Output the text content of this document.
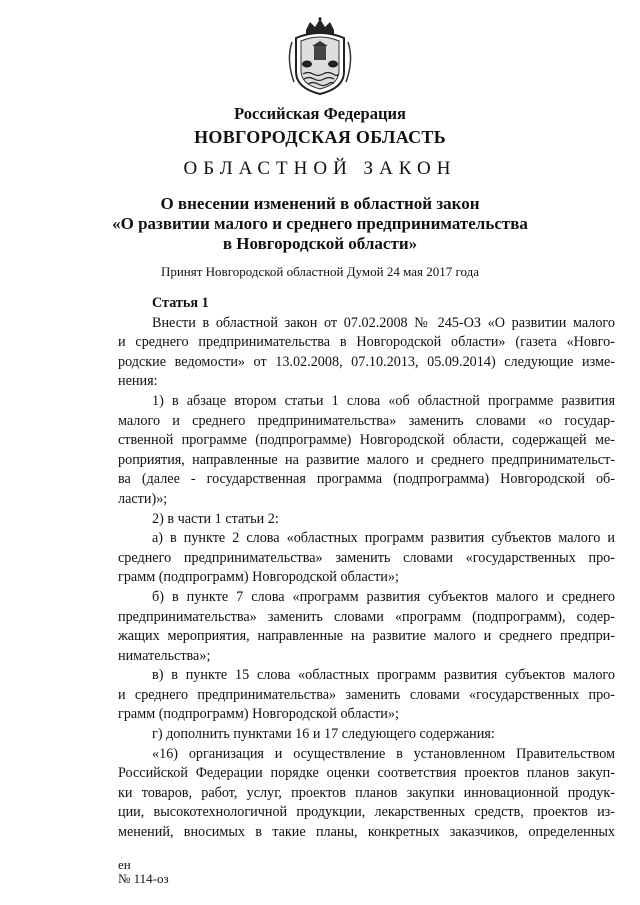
Российская Федерация
НОВГОРОДСКАЯ ОБЛАСТЬ
ОБЛАСТНОЙ ЗАКОН
О внесении изменений в областной закон
«О развитии малого и среднего предпринимательства
в Новгородской области»
Принят Новгородской областной Думой 24 мая 2017 года
Статья 1
Внести в областной закон от 07.02.2008 № 245-ОЗ «О развитии малого
и среднего предпринимательства в Новгородской области» (газета «Новго-
родские ведомости» от 13.02.2008, 07.10.2013, 05.09.2014) следующие изме-
нения:
1) в абзаце втором статьи 1 слова «об областной программе развития
малого и среднего предпринимательства» заменить словами «о государ-
ственной программе (подпрограмме) Новгородской области, содержащей ме-
роприятия, направленные на развитие малого и среднего предпринимательст-
ва (далее - государственная программа (подпрограмма) Новгородской об-
ласти)»;
2) в части 1 статьи 2:
а) в пункте 2 слова «областных программ развития субъектов малого и
среднего предпринимательства» заменить словами «государственных про-
грамм (подпрограмм) Новгородской области»;
б) в пункте 7 слова «программ развития субъектов малого и среднего
предпринимательства» заменить словами «программ (подпрограмм), содер-
жащих мероприятия, направленные на развитие малого и среднего предпри-
нимательства»;
в) в пункте 15 слова «областных программ развития субъектов малого
и среднего предпринимательства» заменить словами «государственных про-
грамм (подпрограмм) Новгородской области»;
г) дополнить пунктами 16 и 17 следующего содержания:
«16) организация и осуществление в установленном Правительством
Российской Федерации порядке оценки соответствия проектов планов закуп-
ки товаров, работ, услуг, проектов планов закупки инновационной продук-
ции, высокотехнологичной продукции, лекарственных средств, проектов из-
менений, вносимых в такие планы, конкретных заказчиков, определенных
ен
№ 114-оз
